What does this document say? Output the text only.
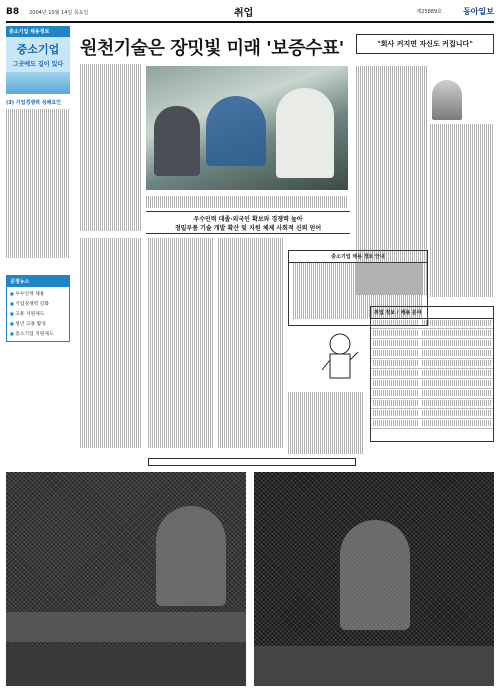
B8 2004년 10월 14일 목요일	취업	제25889호	동아일보
중소기업 채용정보
중소기업
그곳에도 길이 있다
(3) 기업경쟁력 성패요인
공정뉴스
■ 우수인재 채용
■ 기업경쟁력 강화
■ 고용 지원제도
■ 청년 고용 활성
■ 중소기업 지원제도
원천기술은 장밋빛 미래 '보증수표'
우수인력 대졸·외국인 확보와 경쟁력 높아
정밀부품 기술 개발 확산 및 지원 체제 사회적 신뢰 얻어
중소기업 채용 정보 안내
"회사 커지면 자신도 커집니다"
취업 정보 / 채용 분야
